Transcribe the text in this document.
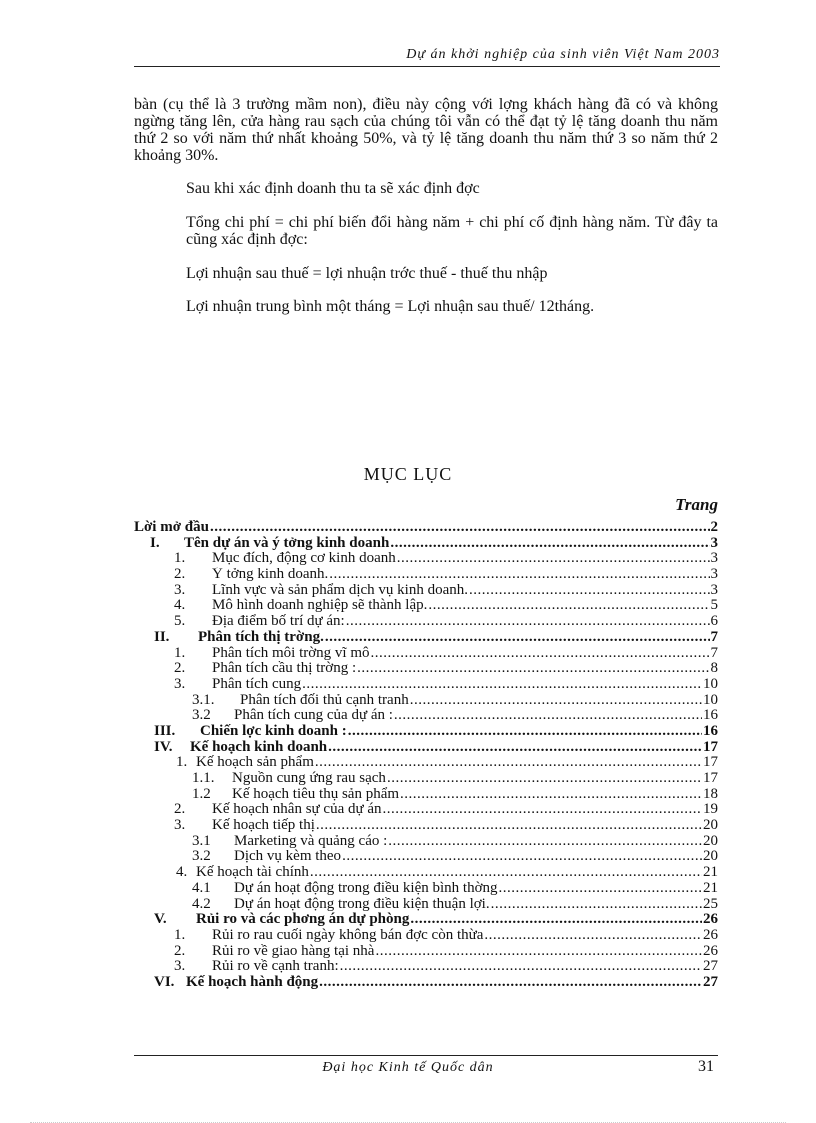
Dự án khởi nghiệp của sinh viên Việt Nam 2003
bàn (cụ thể là 3 trường mầm non), điều này cộng với lợng khách hàng đã có và không ngừng tăng lên, cửa hàng rau sạch của chúng tôi vẫn có thể đạt tỷ lệ tăng doanh thu năm thứ 2 so với năm thứ nhất khoảng 50%, và tỷ lệ tăng doanh thu năm thứ 3 so năm thứ 2 khoảng 30%.
Sau khi xác định doanh thu ta sẽ xác định đợc
Tổng chi phí = chi phí biến đổi hàng năm + chi phí cố định hàng năm. Từ đây ta cũng xác định đợc:
Lợi nhuận sau thuế = lợi nhuận trớc thuế - thuế thu nhập
Lợi nhuận trung bình một tháng = Lợi nhuận sau thuế/ 12tháng.
MỤC LỤC
Trang
Lời mở đầu .....	2
I.	Tên dự án và ý tởng kinh doanh .....	3
1.	Mục đích, động cơ kinh doanh .....	3
2.	Ý tởng kinh doanh. .....	3
3.	Lĩnh vực và sản phẩm dịch vụ kinh doanh. .....	3
4.	Mô hình doanh nghiệp sẽ thành lập. .....	5
5.	Địa điểm bố trí dự án: .....	6
II.	Phân tích thị trờng. .....	7
1.	Phân tích môi trờng vĩ mô .....	7
2.	Phân tích cầu thị trờng : .....	8
3.	Phân tích cung .....	10
3.1.	Phân tích đối thủ cạnh tranh .....	10
3.2	Phân tích cung của dự án : .....	16
III.	Chiến lợc kinh doanh : .....	16
IV.	Kế hoạch kinh doanh .....	17
1. Kế hoạch sản phẩm .....	17
1.1.	Nguồn cung ứng rau sạch .....	17
1.2	Kế hoạch tiêu thụ sản phẩm .....	18
2.	Kế hoạch nhân sự của dự án .....	19
3.	Kế hoạch tiếp thị .....	20
3.1	Marketing và quảng cáo : .....	20
3.2	Dịch vụ kèm theo .....	20
4. Kế hoạch tài chính .....	21
4.1	Dự án hoạt động trong điều kiện bình thờng .....	21
4.2	Dự án hoạt động trong điều kiện thuận lợi. .....	25
V.	Rủi ro và các phơng án dự phòng .....	26
1.	Rủi ro rau cuối ngày không bán đợc còn thừa .....	26
2.	Rủi ro về giao hàng tại nhà .....	26
3.	Rủi ro về cạnh tranh: .....	27
VI. Kế hoạch hành động .....	27
Đại học Kinh tế Quốc dân	31
